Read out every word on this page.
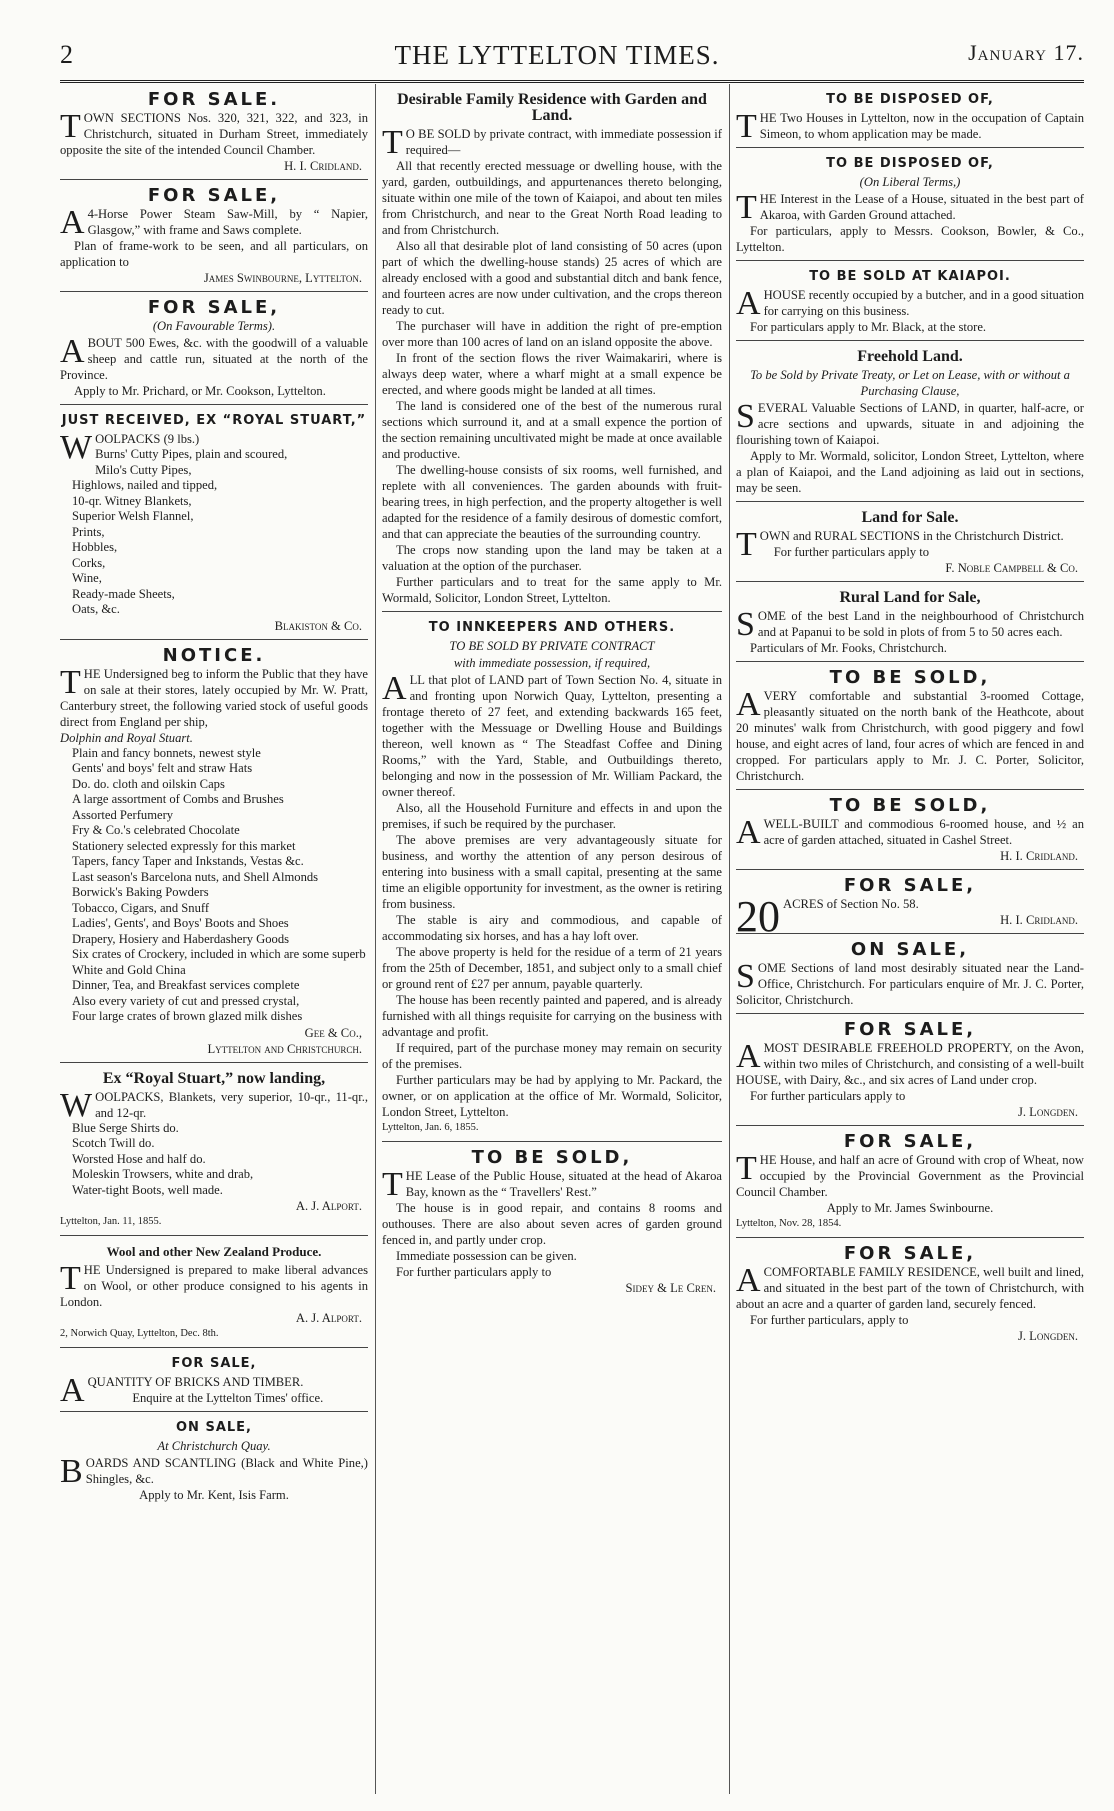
2	THE LYTTELTON TIMES.	January 17.
FOR SALE.

TOWN SECTIONS Nos. 320, 321, 322, and 323, in Christchurch, situated in Durham Street, immediately opposite the site of the intended Council Chamber.

H. I. Cridland.
FOR SALE,

A 4-Horse Power Steam Saw-Mill, by “ Napier, Glasgow,” with frame and Saws complete.

Plan of frame-work to be seen, and all particulars, on application to

James Swinbourne, Lyttelton.
FOR SALE,
(On Favourable Terms).

ABOUT 500 Ewes, &c. with the goodwill of a valuable sheep and cattle run, situated at the north of the Province.

Apply to Mr. Prichard, or Mr. Cookson, Lyttelton.

JUST RECEIVED, EX “ROYAL STUART,”

WOOLPACKS (9 lbs.)

Burns' Cutty Pipes, plain and scoured,
Milo's Cutty Pipes,
Highlows, nailed and tipped,
10-qr. Witney Blankets,
Superior Welsh Flannel,
Prints,
Hobbles,
Corks,
Wine,
Ready-made Sheets,
Oats, &c.
Blakiston & Co.
NOTICE.

THE Undersigned beg to inform the Public that they have on sale at their stores, lately occupied by Mr. W. Pratt, Canterbury street, the following varied stock of useful goods direct from England per ship,

Dolphin and Royal Stuart.

Plain and fancy bonnets, newest style
Gents' and boys' felt and straw Hats
Do. do. cloth and oilskin Caps
A large assortment of Combs and Brushes
Assorted Perfumery
Fry & Co.'s celebrated Chocolate
Stationery selected expressly for this market
Tapers, fancy Taper and Inkstands, Vestas &c.
Last season's Barcelona nuts, and Shell Almonds
Borwick's Baking Powders
Tobacco, Cigars, and Snuff
Ladies', Gents', and Boys' Boots and Shoes
Drapery, Hosiery and Haberdashery Goods
Six crates of Crockery, included in which are some superb White and Gold China
Dinner, Tea, and Breakfast services complete
Also every variety of cut and pressed crystal,
Four large crates of brown glazed milk dishes
Gee & Co.,
Lyttelton and Christchurch.
Ex “Royal Stuart,” now landing,

WOOLPACKS, Blankets, very superior, 10-qr., 11-qr., and 12-qr.

Blue Serge Shirts do.
Scotch Twill do.
Worsted Hose and half do.
Moleskin Trowsers, white and drab,
Water-tight Boots, well made.
A. J. Alport.
Lyttelton, Jan. 11, 1855.
Wool and other New Zealand Produce.

THE Undersigned is prepared to make liberal advances on Wool, or other produce consigned to his agents in London.

A. J. Alport.
2, Norwich Quay, Lyttelton, Dec. 8th.
FOR SALE,

AQUANTITY OF BRICKS AND TIMBER.

Enquire at the Lyttelton Times' office.

ON SALE,
At Christchurch Quay.

BOARDS AND SCANTLING (Black and White Pine,) Shingles, &c.

Apply to Mr. Kent, Isis Farm.

Desirable Family Residence with Garden and Land.

T O BE SOLD by private contract, with immediate possession if required—

All that recently erected messuage or dwelling house, with the yard, garden, outbuildings, and appurtenances thereto belonging, situate within one mile of the town of Kaiapoi, and about ten miles from Christchurch, and near to the Great North Road leading to and from Christchurch.

Also all that desirable plot of land consisting of 50 acres (upon part of which the dwelling-house stands) 25 acres of which are already enclosed with a good and substantial ditch and bank fence, and fourteen acres are now under cultivation, and the crops thereon ready to cut.

The purchaser will have in addition the right of pre-emption over more than 100 acres of land on an island opposite the above.

In front of the section flows the river Waimakariri, where is always deep water, where a wharf might at a small expence be erected, and where goods might be landed at all times.

The land is considered one of the best of the numerous rural sections which surround it, and at a small expence the portion of the section remaining uncultivated might be made at once available and productive.

The dwelling-house consists of six rooms, well furnished, and replete with all conveniences. The garden abounds with fruit-bearing trees, in high perfection, and the property altogether is well adapted for the residence of a family desirous of domestic comfort, and that can appreciate the beauties of the surrounding country.

The crops now standing upon the land may be taken at a valuation at the option of the purchaser.

Further particulars and to treat for the same apply to Mr. Wormald, Solicitor, London Street, Lyttelton.

TO INNKEEPERS AND OTHERS.
TO BE SOLD BY PRIVATE CONTRACT
with immediate possession, if required,

ALL that plot of LAND part of Town Section No. 4, situate in and fronting upon Norwich Quay, Lyttelton, presenting a frontage thereto of 27 feet, and extending backwards 165 feet, together with the Messuage or Dwelling House and Buildings thereon, well known as “ The Steadfast Coffee and Dining Rooms,” with the Yard, Stable, and Outbuildings thereto, belonging and now in the possession of Mr. William Packard, the owner thereof.

Also, all the Household Furniture and effects in and upon the premises, if such be required by the purchaser.

The above premises are very advantageously situate for business, and worthy the attention of any person desirous of entering into business with a small capital, presenting at the same time an eligible opportunity for investment, as the owner is retiring from business.

The stable is airy and commodious, and capable of accommodating six horses, and has a hay loft over.

The above property is held for the residue of a term of 21 years from the 25th of December, 1851, and subject only to a small chief or ground rent of £27 per annum, payable quarterly.

The house has been recently painted and papered, and is already furnished with all things requisite for carrying on the business with advantage and profit.

If required, part of the purchase money may remain on security of the premises.

Further particulars may be had by applying to Mr. Packard, the owner, or on application at the office of Mr. Wormald, Solicitor, London Street, Lyttelton.

Lyttelton, Jan. 6, 1855.
TO BE SOLD,

THE Lease of the Public House, situated at the head of Akaroa Bay, known as the “ Travellers' Rest.”

The house is in good repair, and contains 8 rooms and outhouses. There are also about seven acres of garden ground fenced in, and partly under crop.

Immediate possession can be given.

For further particulars apply to

Sidey & Le Cren.
TO BE DISPOSED OF,

THE Two Houses in Lyttelton, now in the occupation of Captain Simeon, to whom application may be made.

TO BE DISPOSED OF,
(On Liberal Terms,)

THE Interest in the Lease of a House, situated in the best part of Akaroa, with Garden Ground attached.

For particulars, apply to Messrs. Cookson, Bowler, & Co., Lyttelton.

TO BE SOLD AT KAIAPOI.

AHOUSE recently occupied by a butcher, and in a good situation for carrying on this business.

For particulars apply to Mr. Black, at the store.

Freehold Land.
To be Sold by Private Treaty, or Let on Lease, with or without a Purchasing Clause,

SEVERAL Valuable Sections of LAND, in quarter, half-acre, or acre sections and upwards, situate in and adjoining the flourishing town of Kaiapoi.

Apply to Mr. Wormald, solicitor, London Street, Lyttelton, where a plan of Kaiapoi, and the Land adjoining as laid out in sections, may be seen.

Land for Sale.

TOWN and RURAL SECTIONS in the Christchurch District.

For further particulars apply to

F. Noble Campbell & Co.
Rural Land for Sale,

SOME of the best Land in the neighbourhood of Christchurch and at Papanui to be sold in plots of from 5 to 50 acres each.

Particulars of Mr. Fooks, Christchurch.

TO BE SOLD,

AVERY comfortable and substantial 3-roomed Cottage, pleasantly situated on the north bank of the Heathcote, about 20 minutes' walk from Christchurch, with good piggery and fowl house, and eight acres of land, four acres of which are fenced in and cropped. For particulars apply to Mr. J. C. Porter, Solicitor, Christchurch.

TO BE SOLD,

AWELL-BUILT and commodious 6-roomed house, and ½ an acre of garden attached, situated in Cashel Street.

H. I. Cridland.
FOR SALE,

20 ACRES of Section No. 58.

H. I. Cridland.
ON SALE,

SOME Sections of land most desirably situated near the Land-Office, Christchurch. For particulars enquire of Mr. J. C. Porter, Solicitor, Christchurch.

FOR SALE,

AMOST DESIRABLE FREEHOLD PROPERTY, on the Avon, within two miles of Christchurch, and consisting of a well-built HOUSE, with Dairy, &c., and six acres of Land under crop.

For further particulars apply to

J. Longden.
FOR SALE,

THE House, and half an acre of Ground with crop of Wheat, now occupied by the Provincial Government as the Provincial Council Chamber.

Apply to Mr. James Swinbourne.

Lyttelton, Nov. 28, 1854.
FOR SALE,

ACOMFORTABLE FAMILY RESIDENCE, well built and lined, and situated in the best part of the town of Christchurch, with about an acre and a quarter of garden land, securely fenced.

For further particulars, apply to

J. Longden.
